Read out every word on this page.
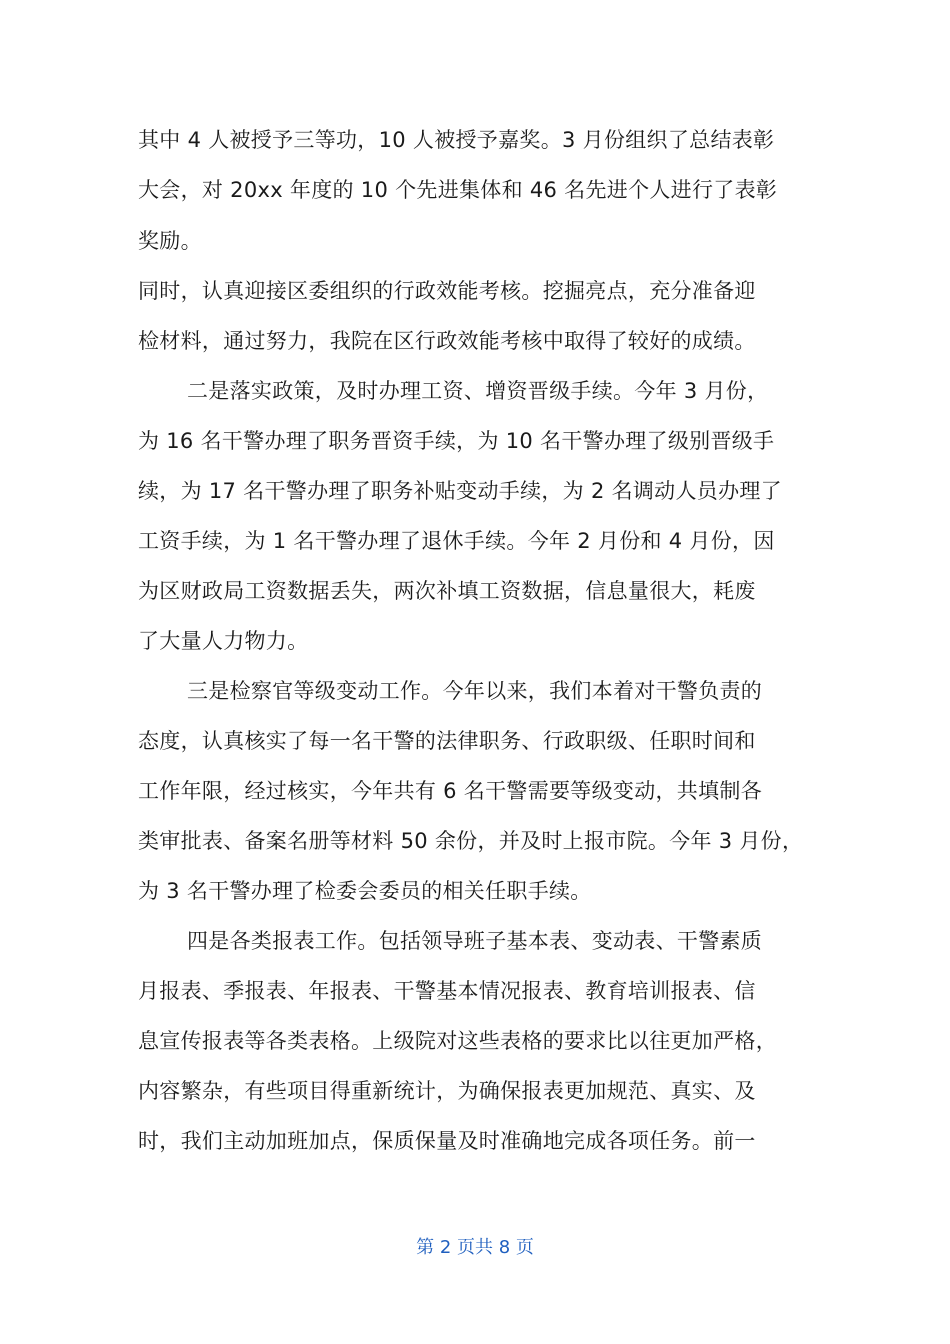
其中 4 人被授予三等功，10 人被授予嘉奖。3 月份组织了总结表彰
大会，对 20xx 年度的 10 个先进集体和 46 名先进个人进行了表彰
奖励。
同时，认真迎接区委组织的行政效能考核。挖掘亮点，充分准备迎
检材料，通过努力，我院在区行政效能考核中取得了较好的成绩。
二是落实政策，及时办理工资、增资晋级手续。今年 3 月份，
为 16 名干警办理了职务晋资手续，为 10 名干警办理了级别晋级手
续，为 17 名干警办理了职务补贴变动手续，为 2 名调动人员办理了
工资手续，为 1 名干警办理了退休手续。今年 2 月份和 4 月份，因
为区财政局工资数据丢失，两次补填工资数据，信息量很大，耗废
了大量人力物力。
三是检察官等级变动工作。今年以来，我们本着对干警负责的
态度，认真核实了每一名干警的法律职务、行政职级、任职时间和
工作年限，经过核实，今年共有 6 名干警需要等级变动，共填制各
类审批表、备案名册等材料 50 余份，并及时上报市院。今年 3 月份，
为 3 名干警办理了检委会委员的相关任职手续。
四是各类报表工作。包括领导班子基本表、变动表、干警素质
月报表、季报表、年报表、干警基本情况报表、教育培训报表、信
息宣传报表等各类表格。上级院对这些表格的要求比以往更加严格，
内容繁杂，有些项目得重新统计，为确保报表更加规范、真实、及
时，我们主动加班加点，保质保量及时准确地完成各项任务。前一
第 2 页共 8 页
